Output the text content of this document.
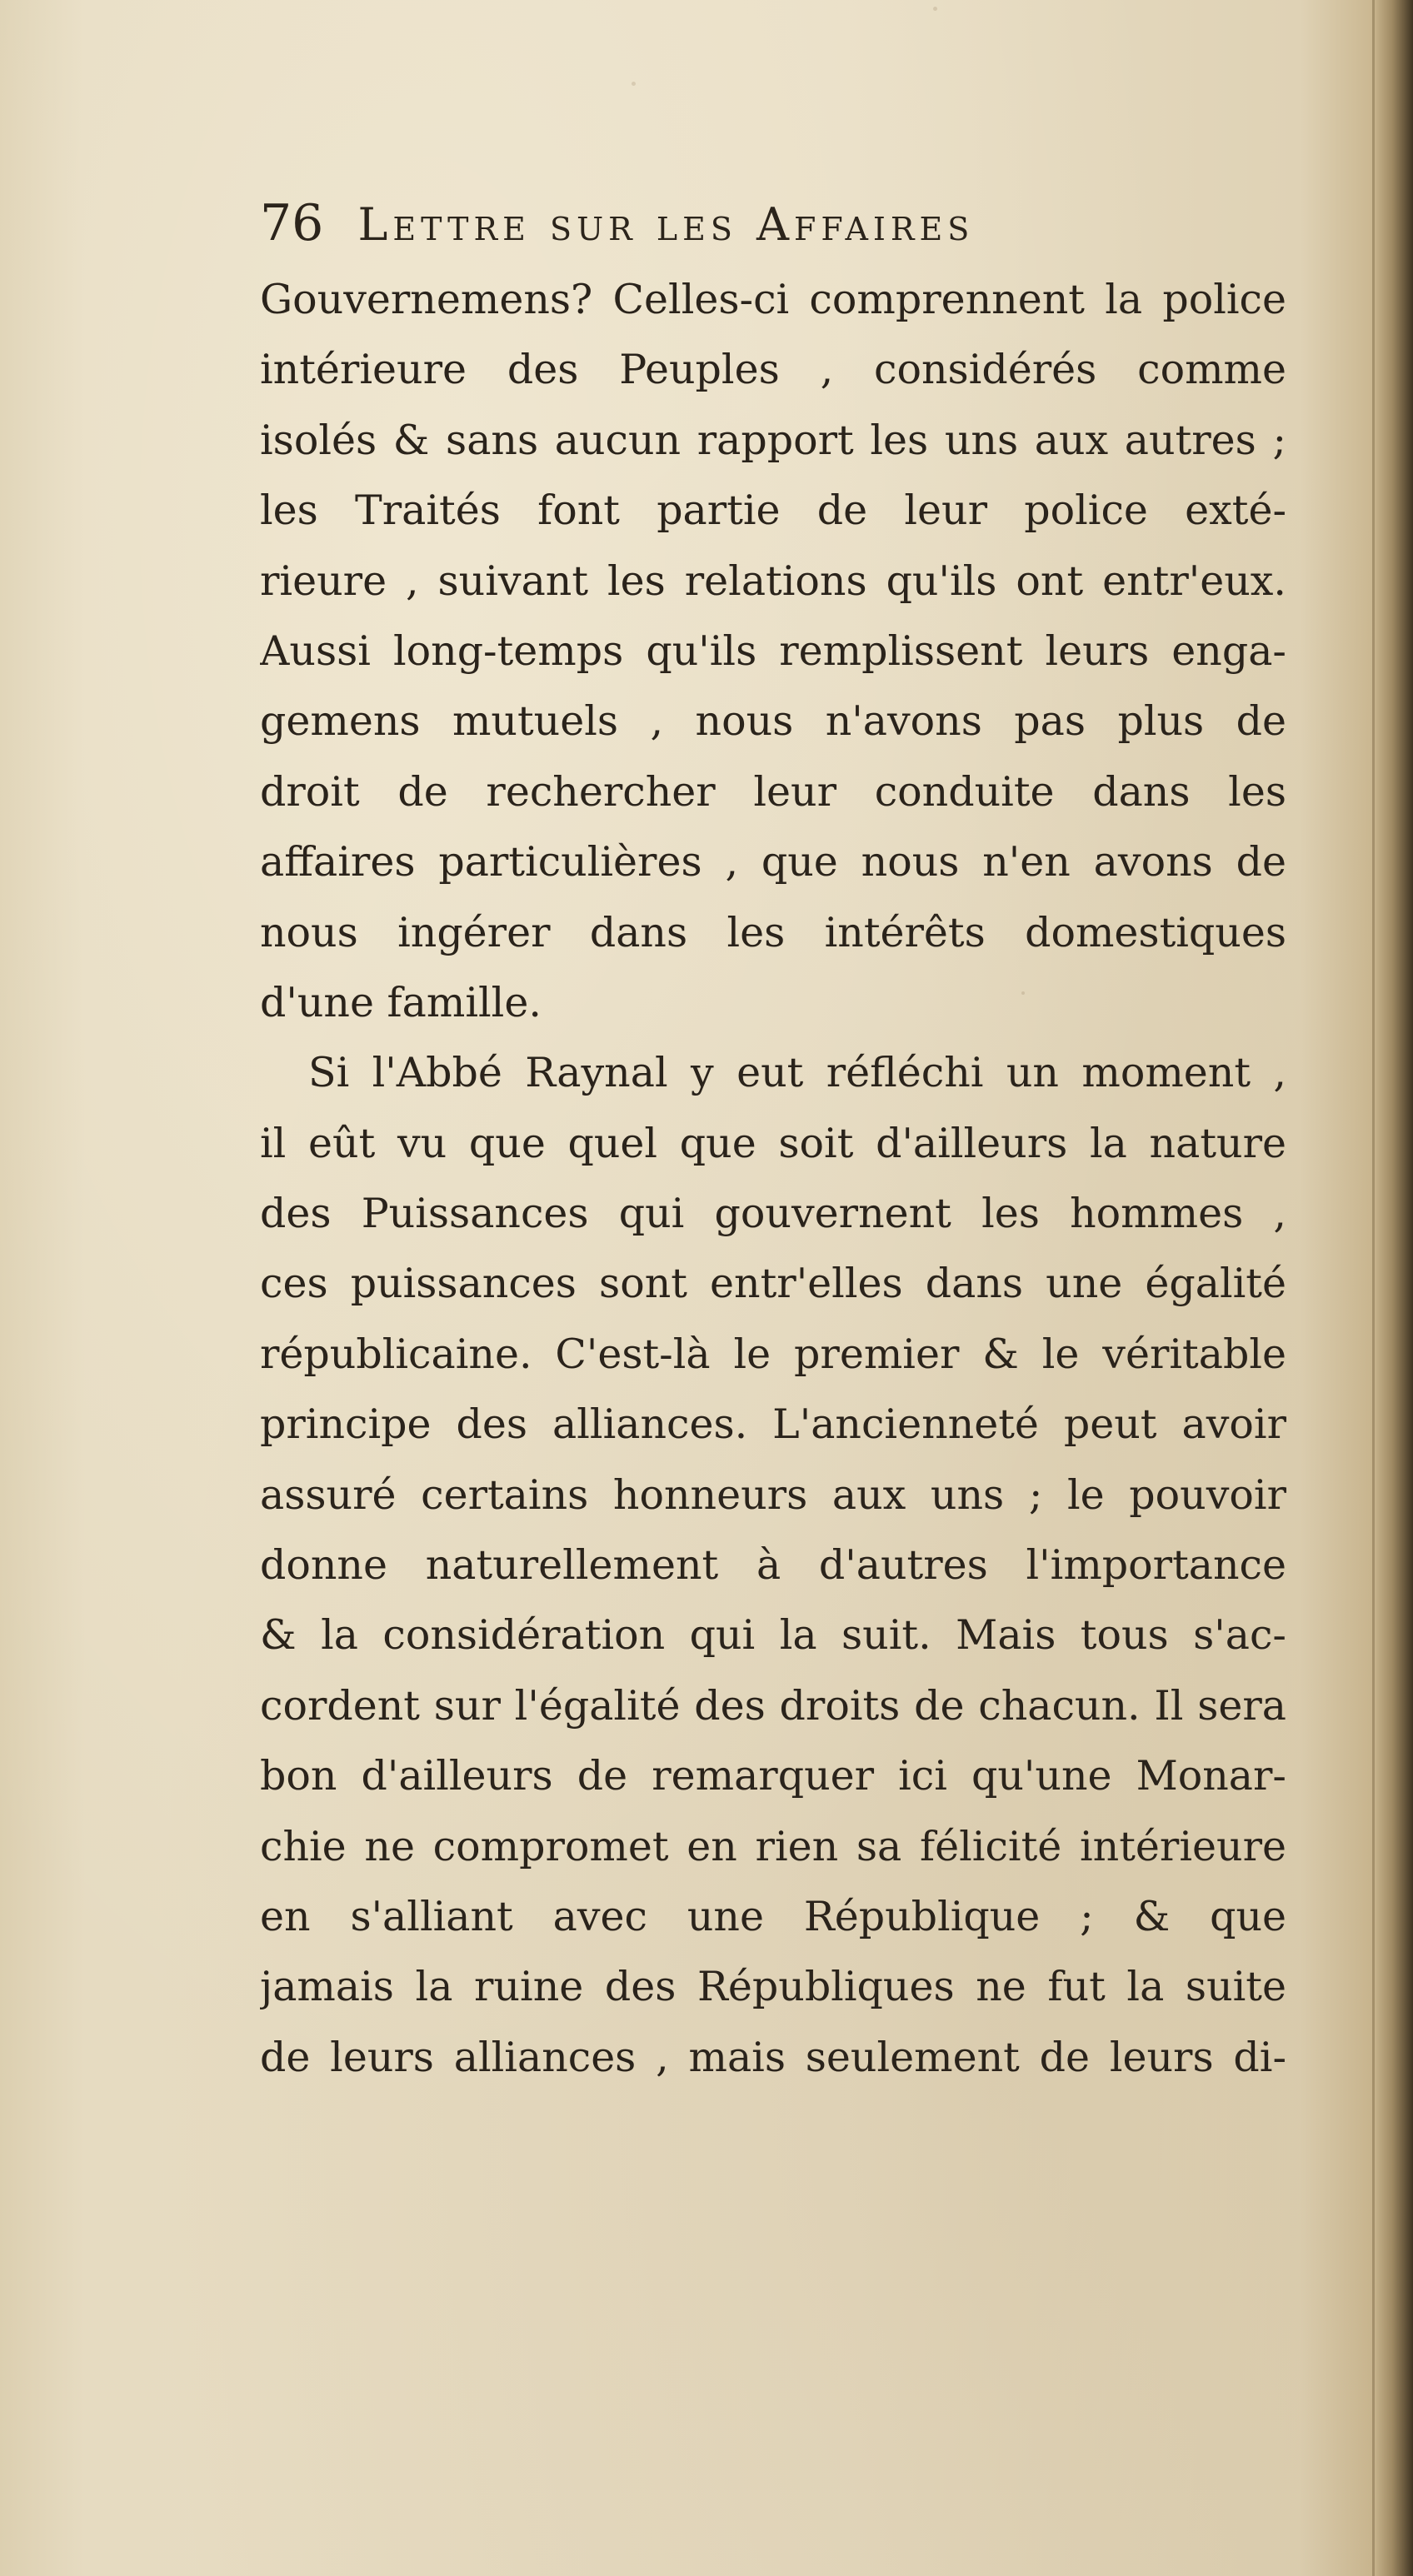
76 Lettre sur les Affaires
Gouvernemens? Celles-ci comprennent la police
intérieure des Peuples , considérés comme
isolés & sans aucun rapport les uns aux autres ;
les Traités font partie de leur police exté-
rieure , suivant les relations qu'ils ont entr'eux.
Aussi long-temps qu'ils remplissent leurs enga-
gemens mutuels , nous n'avons pas plus de
droit de rechercher leur conduite dans les
affaires particulières , que nous n'en avons de
nous ingérer dans les intérêts domestiques
d'une famille.
Si l'Abbé Raynal y eut réfléchi un moment ,
il eût vu que quel que soit d'ailleurs la nature
des Puissances qui gouvernent les hommes ,
ces puissances sont entr'elles dans une égalité
républicaine. C'est-là le premier & le véritable
principe des alliances. L'ancienneté peut avoir
assuré certains honneurs aux uns ; le pouvoir
donne naturellement à d'autres l'importance
& la considération qui la suit. Mais tous s'ac-
cordent sur l'égalité des droits de chacun. Il sera
bon d'ailleurs de remarquer ici qu'une Monar-
chie ne compromet en rien sa félicité intérieure
en s'alliant avec une République ; & que
jamais la ruine des Républiques ne fut la suite
de leurs alliances , mais seulement de leurs di-
